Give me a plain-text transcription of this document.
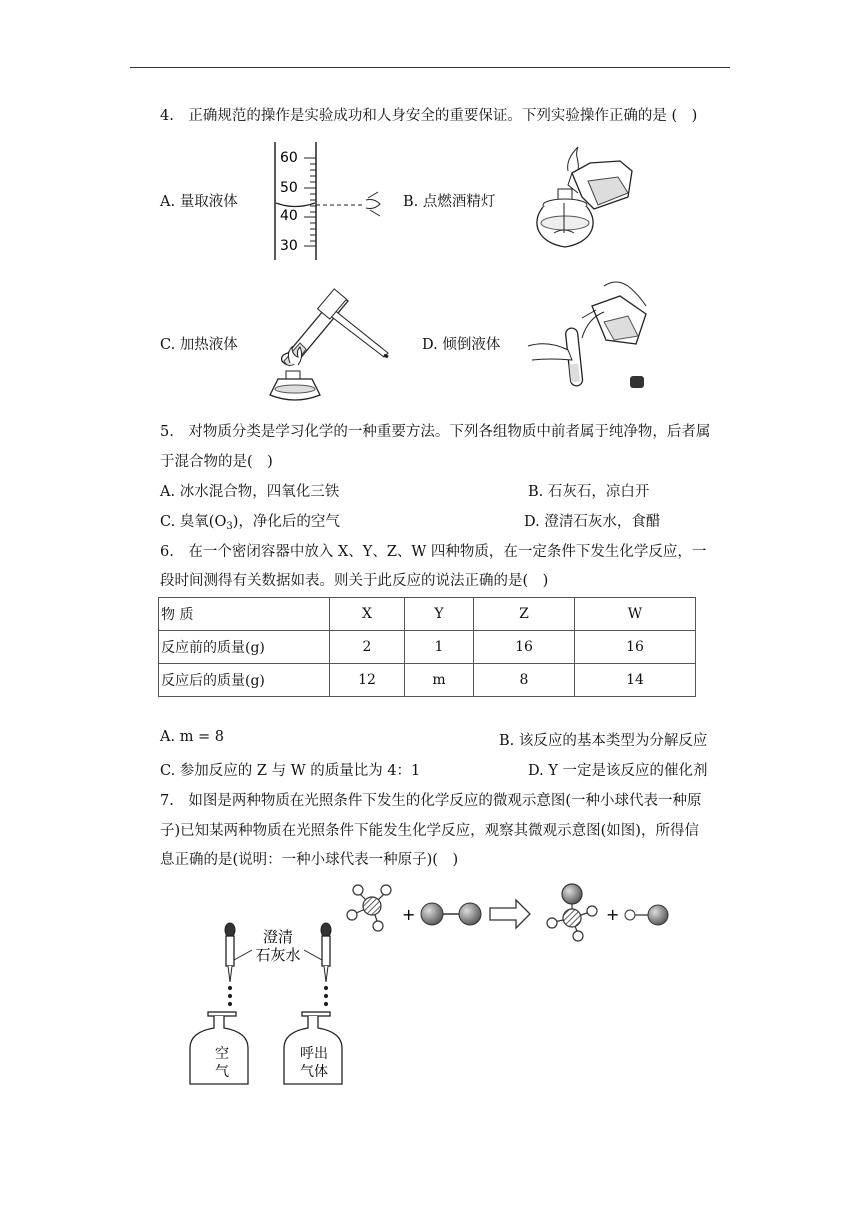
4.　正确规范的操作是实验成功和人身安全的重要保证。下列实验操作正确的是 (　)
A. 量取液体	B. 点燃酒精灯
C. 加热液体	D. 倾倒液体
60
50
40
30
5.　对物质分类是学习化学的一种重要方法。下列各组物质中前者属于纯净物，后者属
于混合物的是(　)
A. 冰水混合物，四氧化三铁	B. 石灰石，凉白开
C. 臭氧$(O_3)$，净化后的空气	D. 澄清石灰水，食醋
6.　在一个密闭容器中放入 X、Y、Z、W 四种物质，在一定条件下发生化学反应，一
段时间测得有关数据如表。则关于此反应的说法正确的是(　)
物 质	X	Y	Z	W
反应前的质量(g)	2	1	16	16
反应后的质量(g)	12	m	8	14
A. m = 8	B. 该反应的基本类型为分解反应
C. 参加反应的 Z 与 W 的质量比为 4：1	D. Y 一定是该反应的催化剂
7.　如图是两种物质在光照条件下发生的化学反应的微观示意图(一种小球代表一种原
子)已知某两种物质在光照条件下能发生化学反应，观察其微观示意图(如图)，所得信
息正确的是(说明：一种小球代表一种原子)(　)
+	+
澄清
石灰水
空
气
呼出
气体
